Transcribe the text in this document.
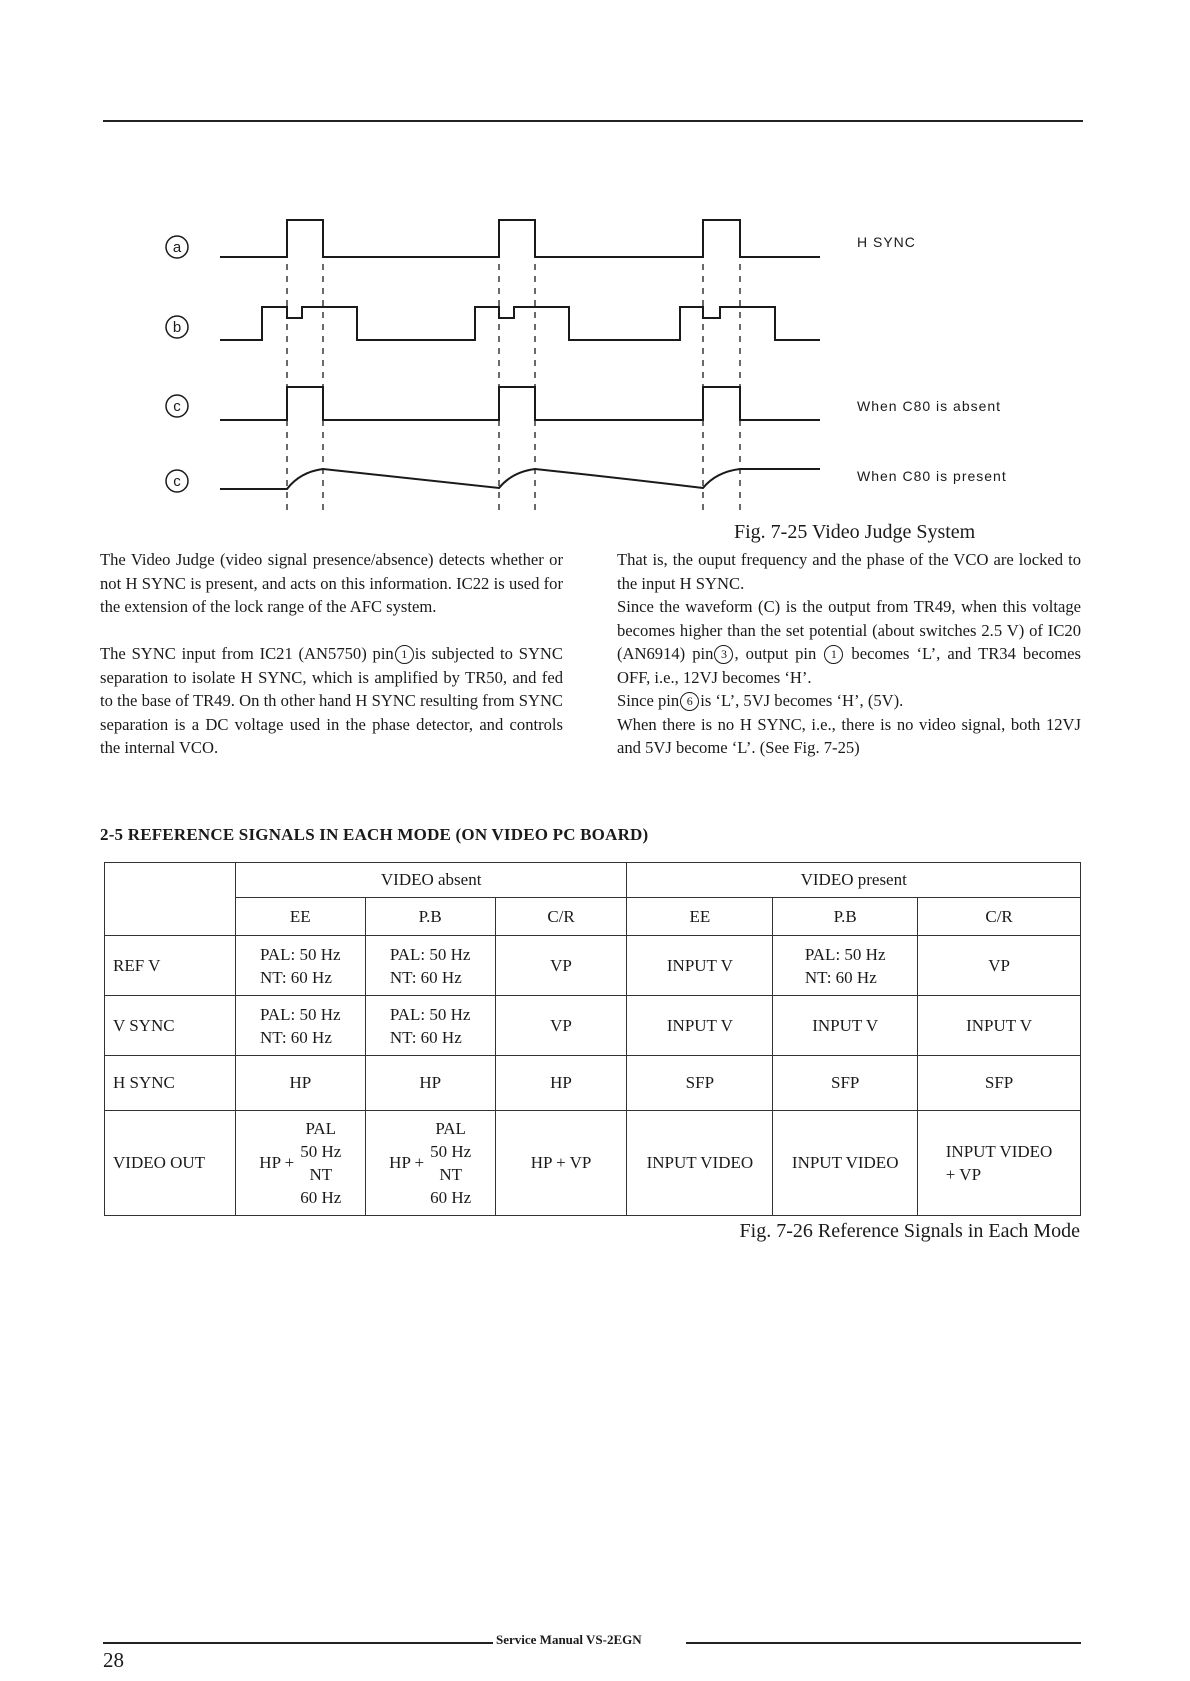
a
b
c
c
H SYNC
When C80 is absent
When C80 is present
Fig. 7-25 Video Judge System

The Video Judge (video signal presence/absence) detects whether or not H SYNC is present, and acts on this information. IC22 is used for the extension of the lock range of the AFC system.

The SYNC input from IC21 (AN5750) pin 1 is subjected to SYNC separation to isolate H SYNC, which is amplified by TR50, and fed to the base of TR49. On th other hand H SYNC resulting from SYNC separation is a DC voltage used in the phase detector, and controls the internal VCO.

That is, the ouput frequency and the phase of the VCO are locked to the input H SYNC.

Since the waveform (C) is the output from TR49, when this voltage becomes higher than the set potential (about switches 2.5 V) of IC20 (AN6914) pin 3 , output pin 1 becomes ‘L’, and TR34 becomes OFF, i.e., 12VJ becomes ‘H’.

Since pin 6 is ‘L’, 5VJ becomes ‘H’, (5V).

When there is no H SYNC, i.e., there is no video signal, both 12VJ and 5VJ become ‘L’. (See Fig. 7-25)

2-5 REFERENCE SIGNALS IN EACH MODE (ON VIDEO PC BOARD)
	VIDEO absent			VIDEO present		
	EE	P.B	C/R	EE	P.B	C/R
REF V	PAL: 50 Hz
NT: 60 Hz	PAL: 50 Hz
NT: 60 Hz	VP	INPUT V	PAL: 50 Hz
NT: 60 Hz	VP
V SYNC	PAL: 50 Hz
NT: 60 Hz	PAL: 50 Hz
NT: 60 Hz	VP	INPUT V	INPUT V	INPUT V
H SYNC	HP	HP	HP	SFP	SFP	SFP
VIDEO OUT	HP +
PAL
50 Hz
NT
60 Hz	HP +
PAL
50 Hz
NT
60 Hz	HP + VP	INPUT VIDEO	INPUT VIDEO	INPUT VIDEO
+ VP
Fig. 7-26 Reference Signals in Each Mode
Service Manual VS-2EGN
28
